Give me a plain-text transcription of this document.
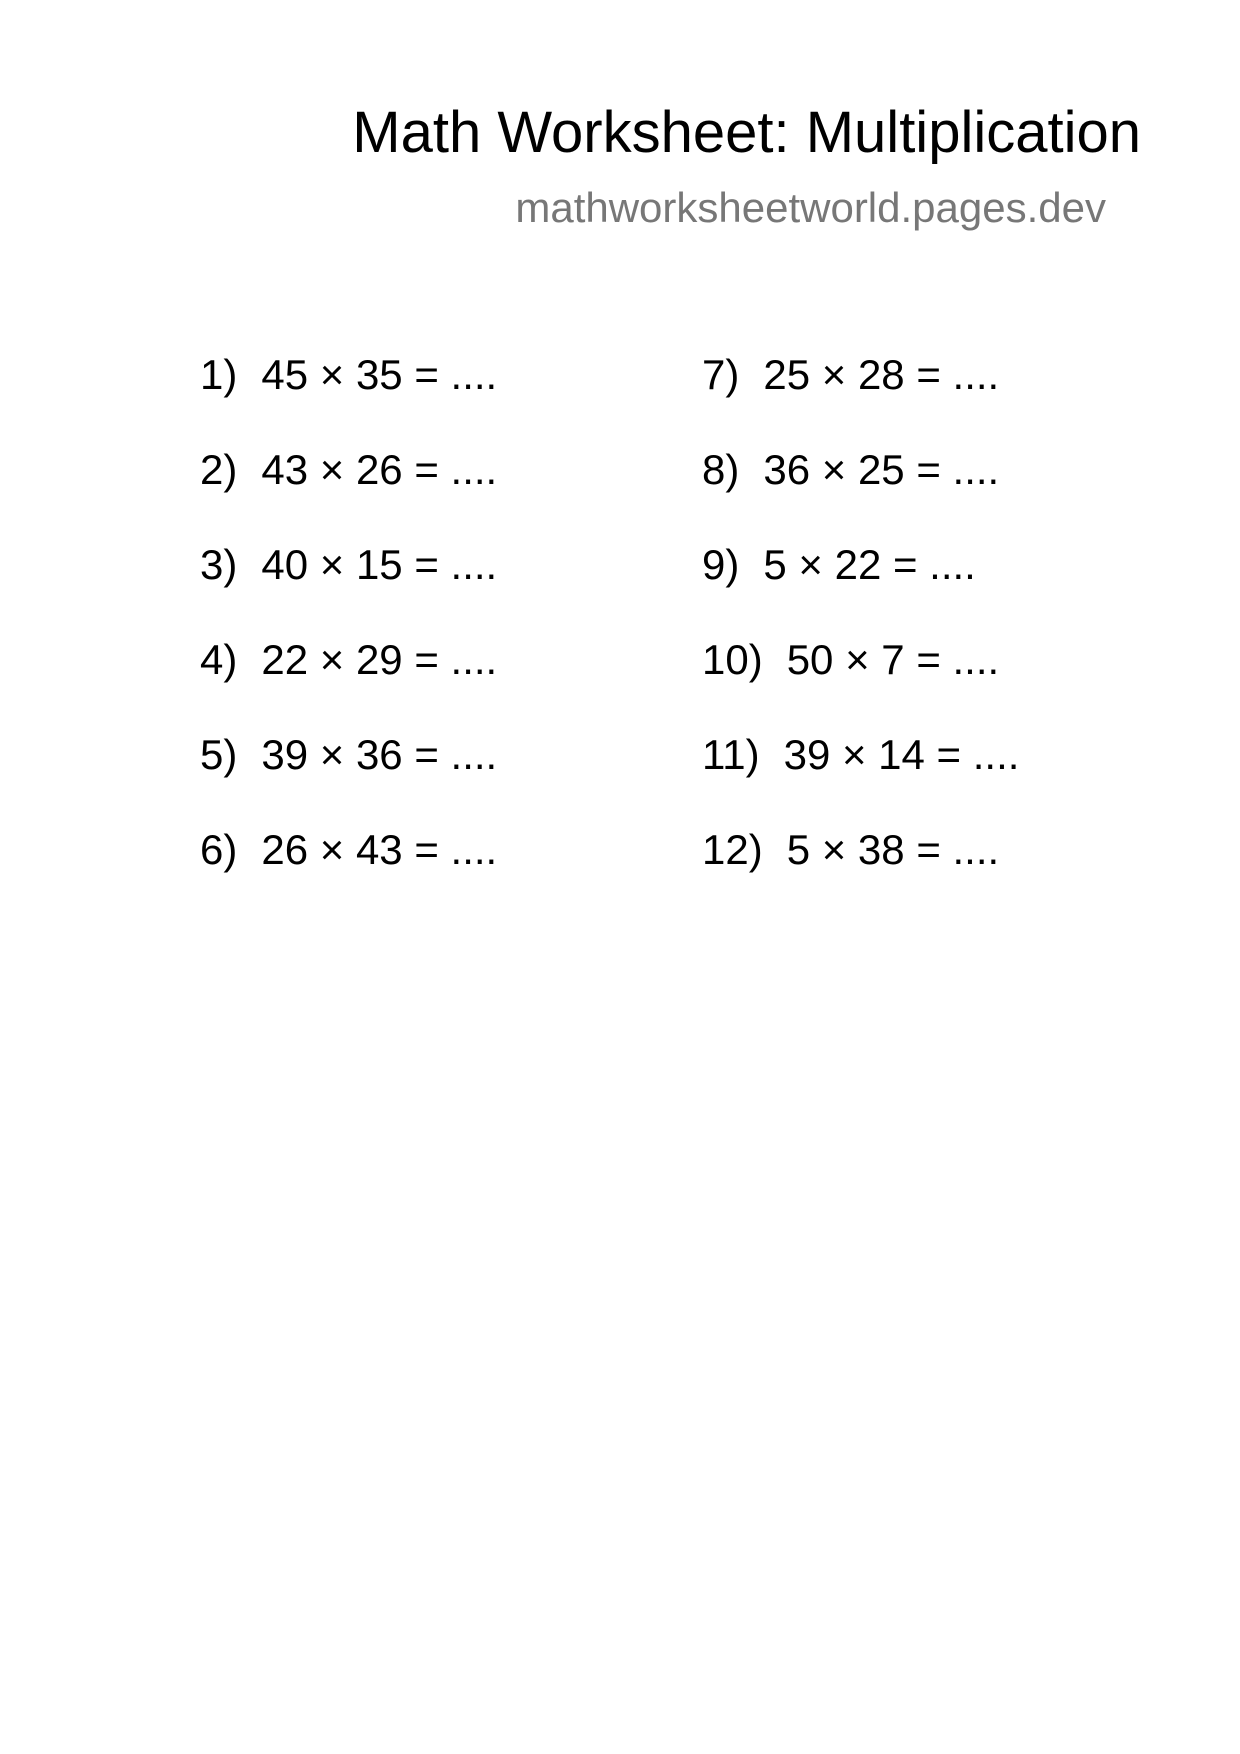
Math Worksheet: Multiplication
mathworksheetworld.pages.dev
1) 45 × 35 = ....
2) 43 × 26 = ....
3) 40 × 15 = ....
4) 22 × 29 = ....
5) 39 × 36 = ....
6) 26 × 43 = ....
7) 25 × 28 = ....
8) 36 × 25 = ....
9) 5 × 22 = ....
10) 50 × 7 = ....
11) 39 × 14 = ....
12) 5 × 38 = ....
